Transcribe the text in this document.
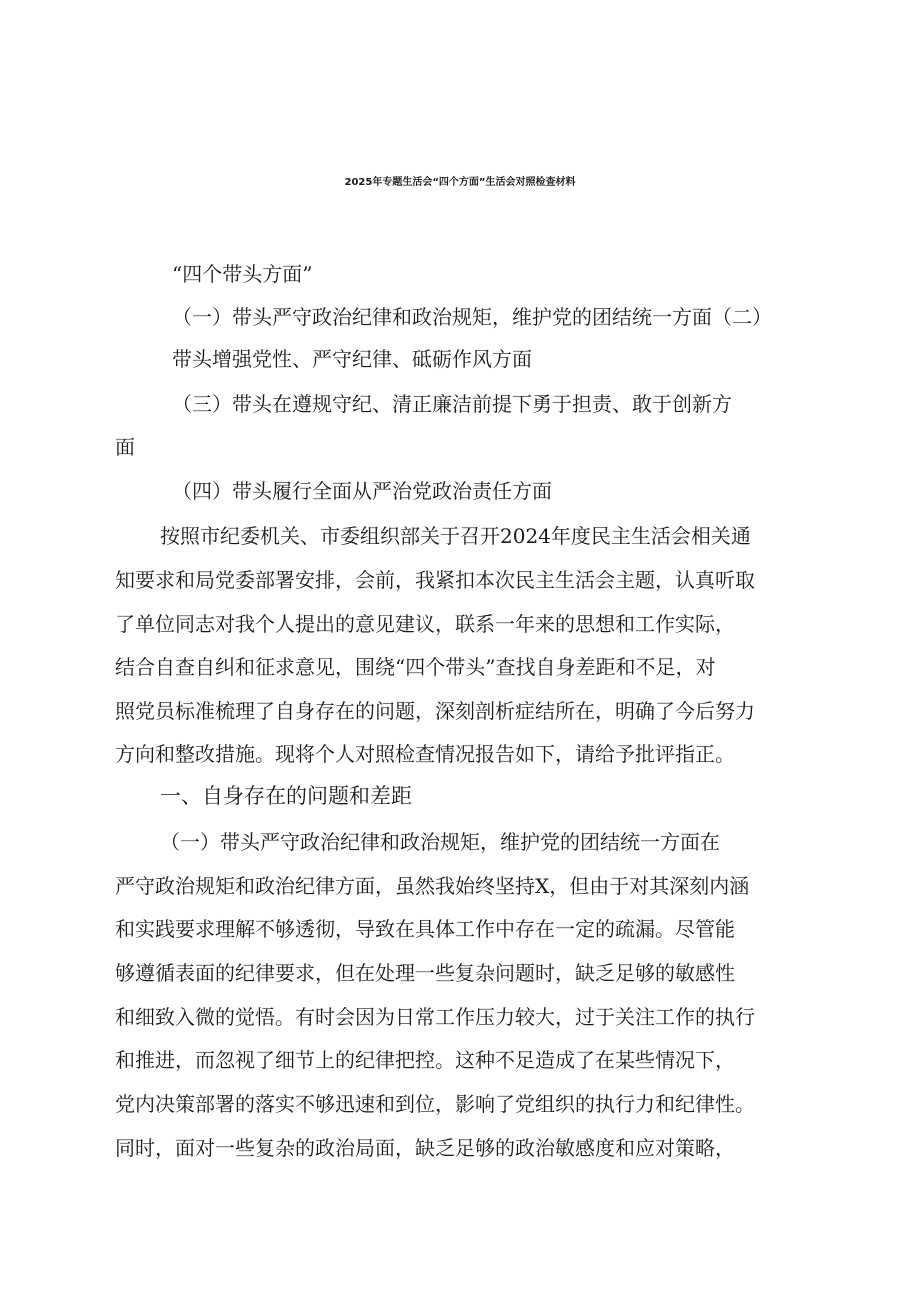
2025年专题生活会“四个方面”生活会对照检查材料
“四个带头方面”
（一）带头严守政治纪律和政治规矩，维护党的团结统一方面（二）
带头增强党性、严守纪律、砥砺作风方面
（三）带头在遵规守纪、清正廉洁前提下勇于担责、敢于创新方
面
（四）带头履行全面从严治党政治责任方面
按照市纪委机关、市委组织部关于召开2024年度民主生活会相关通
知要求和局党委部署安排，会前，我紧扣本次民主生活会主题，认真听取
了单位同志对我个人提出的意见建议，联系一年来的思想和工作实际，
结合自查自纠和征求意见，围绕“四个带头”查找自身差距和不足，对
照党员标准梳理了自身存在的问题，深刻剖析症结所在，明确了今后努力
方向和整改措施。现将个人对照检查情况报告如下，请给予批评指正。
一、自身存在的问题和差距
（一）带头严守政治纪律和政治规矩，维护党的团结统一方面在
严守政治规矩和政治纪律方面，虽然我始终坚持X，但由于对其深刻内涵
和实践要求理解不够透彻，导致在具体工作中存在一定的疏漏。尽管能
够遵循表面的纪律要求，但在处理一些复杂问题时，缺乏足够的敏感性
和细致入微的觉悟。有时会因为日常工作压力较大，过于关注工作的执行
和推进，而忽视了细节上的纪律把控。这种不足造成了在某些情况下，
党内决策部署的落实不够迅速和到位，影响了党组织的执行力和纪律性。
同时，面对一些复杂的政治局面，缺乏足够的政治敏感度和应对策略，
